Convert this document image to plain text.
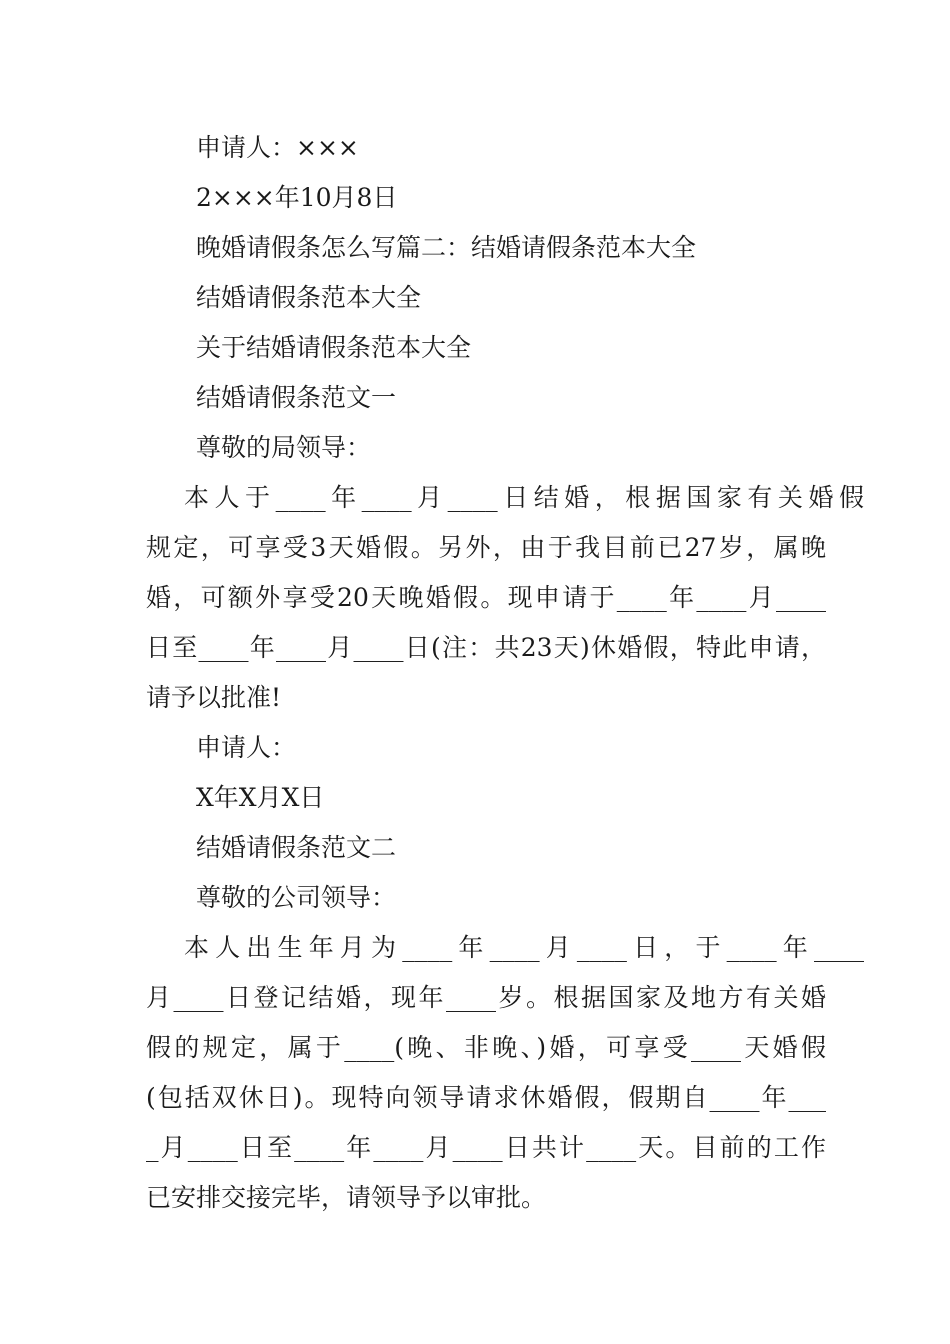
申请人：×××
2×××年10月8日
晚婚请假条怎么写篇二：结婚请假条范本大全
结婚请假条范本大全
关于结婚请假条范本大全
结婚请假条范文一
尊敬的局领导：
本人于____年____月____日结婚，根据国家有关婚假
规定，可享受3天婚假。另外，由于我目前已27岁，属晚
婚，可额外享受20天晚婚假。现申请于____年____月____
日至____年____月____日(注：共23天)休婚假，特此申请，
请予以批准!
申请人：
X年X月X日
结婚请假条范文二
尊敬的公司领导：
本人出生年月为____年____月____日，于____年____
月____日登记结婚，现年____岁。根据国家及地方有关婚
假的规定，属于____(晚、非晚、)婚，可享受____天婚假
(包括双休日)。现特向领导请求休婚假，假期自____年___
_月____日至____年____月____日共计____天。目前的工作
已安排交接完毕，请领导予以审批。
